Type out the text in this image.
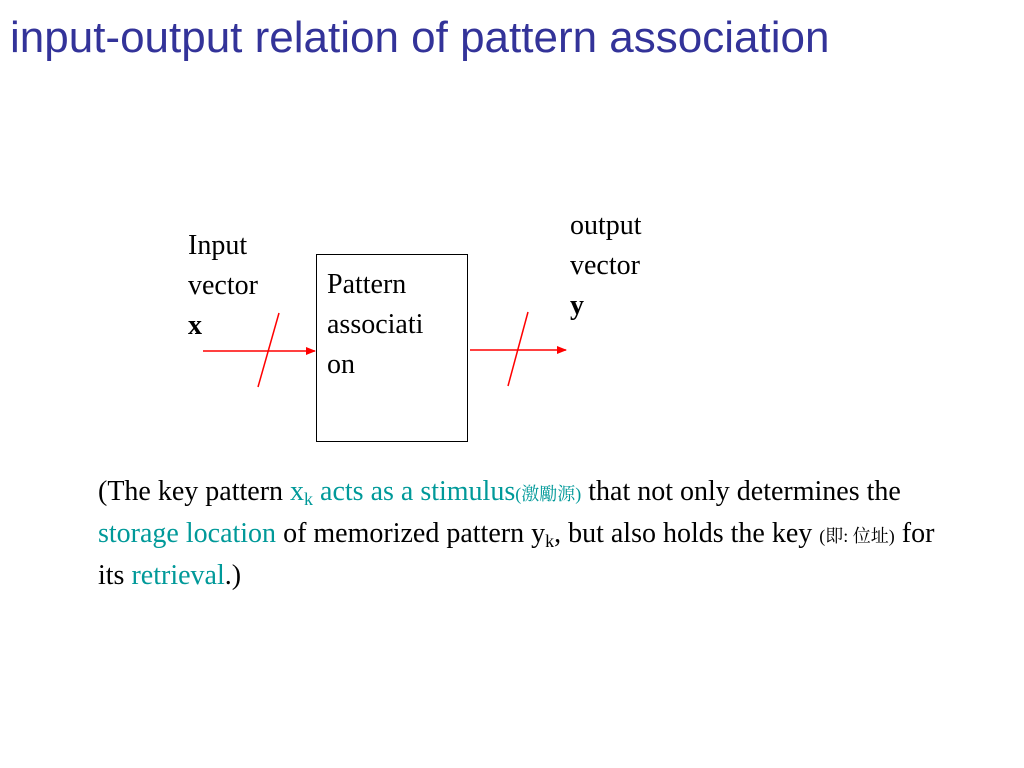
input-output relation of pattern association
Input
vector
x
output
vector
y
Pattern
associati
on
(The key pattern $x_k$ acts as a stimulus(激勵源) that not only determines the storage location of memorized pattern $y_k$, but also holds the key (即: 位址) for its retrieval.)
